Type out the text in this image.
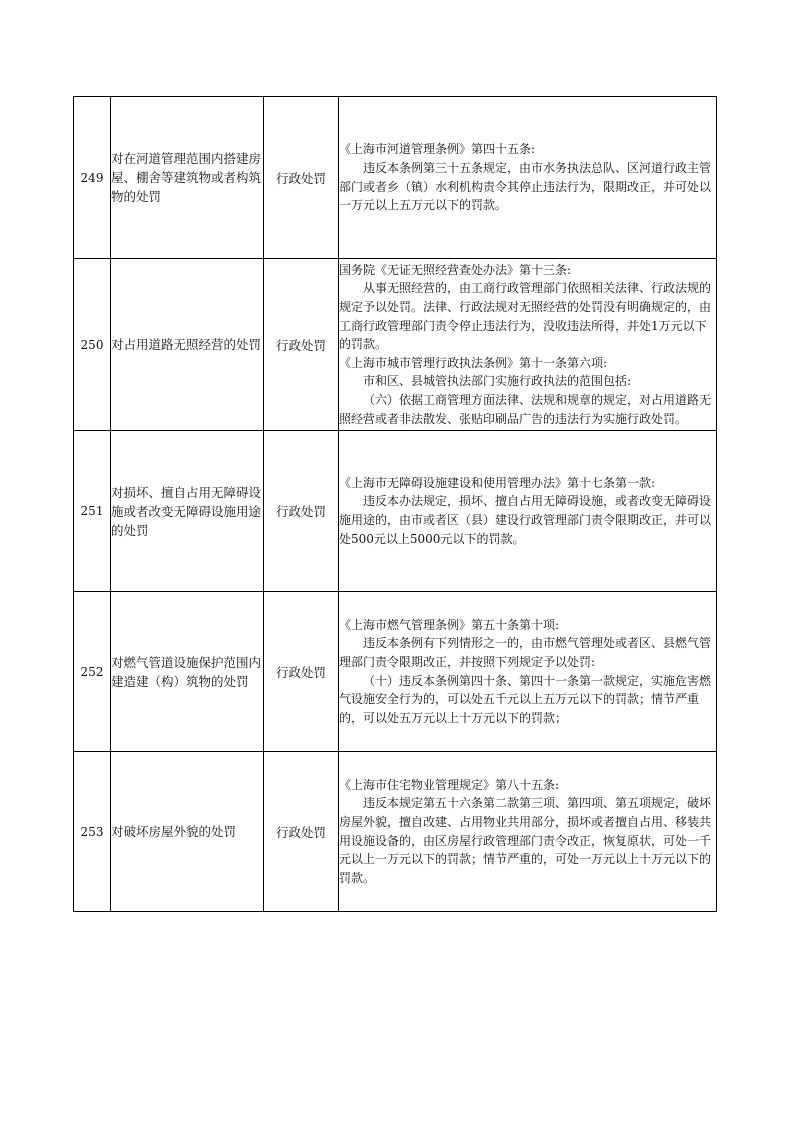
249	对在河道管理范围内搭建房屋、棚舍等建筑物或者构筑物的处罚	行政处罚	《上海市河道管理条例》第四十五条:

违反本条例第三十五条规定，由市水务执法总队、区河道行政主管部门或者乡（镇）水利机构责令其停止违法行为，限期改正，并可处以一万元以上五万元以下的罚款。

250	对占用道路无照经营的处罚	行政处罚	国务院《无证无照经营查处办法》第十三条:

从事无照经营的，由工商行政管理部门依照相关法律、行政法规的规定予以处罚。法律、行政法规对无照经营的处罚没有明确规定的，由工商行政管理部门责令停止违法行为，没收违法所得，并处1万元以下的罚款。

《上海市城市管理行政执法条例》第十一条第六项:

市和区、县城管执法部门实施行政执法的范围包括:

（六）依据工商管理方面法律、法规和规章的规定，对占用道路无照经营或者非法散发、张贴印刷品广告的违法行为实施行政处罚。

251	对损坏、擅自占用无障碍设施或者改变无障碍设施用途的处罚	行政处罚	《上海市无障碍设施建设和使用管理办法》第十七条第一款:

违反本办法规定，损坏、擅自占用无障碍设施，或者改变无障碍设施用途的，由市或者区（县）建设行政管理部门责令限期改正，并可以处500元以上5000元以下的罚款。

252	对燃气管道设施保护范围内建造建（构）筑物的处罚	行政处罚	《上海市燃气管理条例》第五十条第十项:

违反本条例有下列情形之一的，由市燃气管理处或者区、县燃气管理部门责令限期改正，并按照下列规定予以处罚:

（十）违反本条例第四十条、第四十一条第一款规定，实施危害燃气设施安全行为的，可以处五千元以上五万元以下的罚款；情节严重的，可以处五万元以上十万元以下的罚款；

253	对破坏房屋外貌的处罚	行政处罚	《上海市住宅物业管理规定》第八十五条:

违反本规定第五十六条第二款第三项、第四项、第五项规定，破坏房屋外貌，擅自改建、占用物业共用部分，损坏或者擅自占用、移装共用设施设备的，由区房屋行政管理部门责令改正，恢复原状，可处一千元以上一万元以下的罚款；情节严重的，可处一万元以上十万元以下的罚款。
